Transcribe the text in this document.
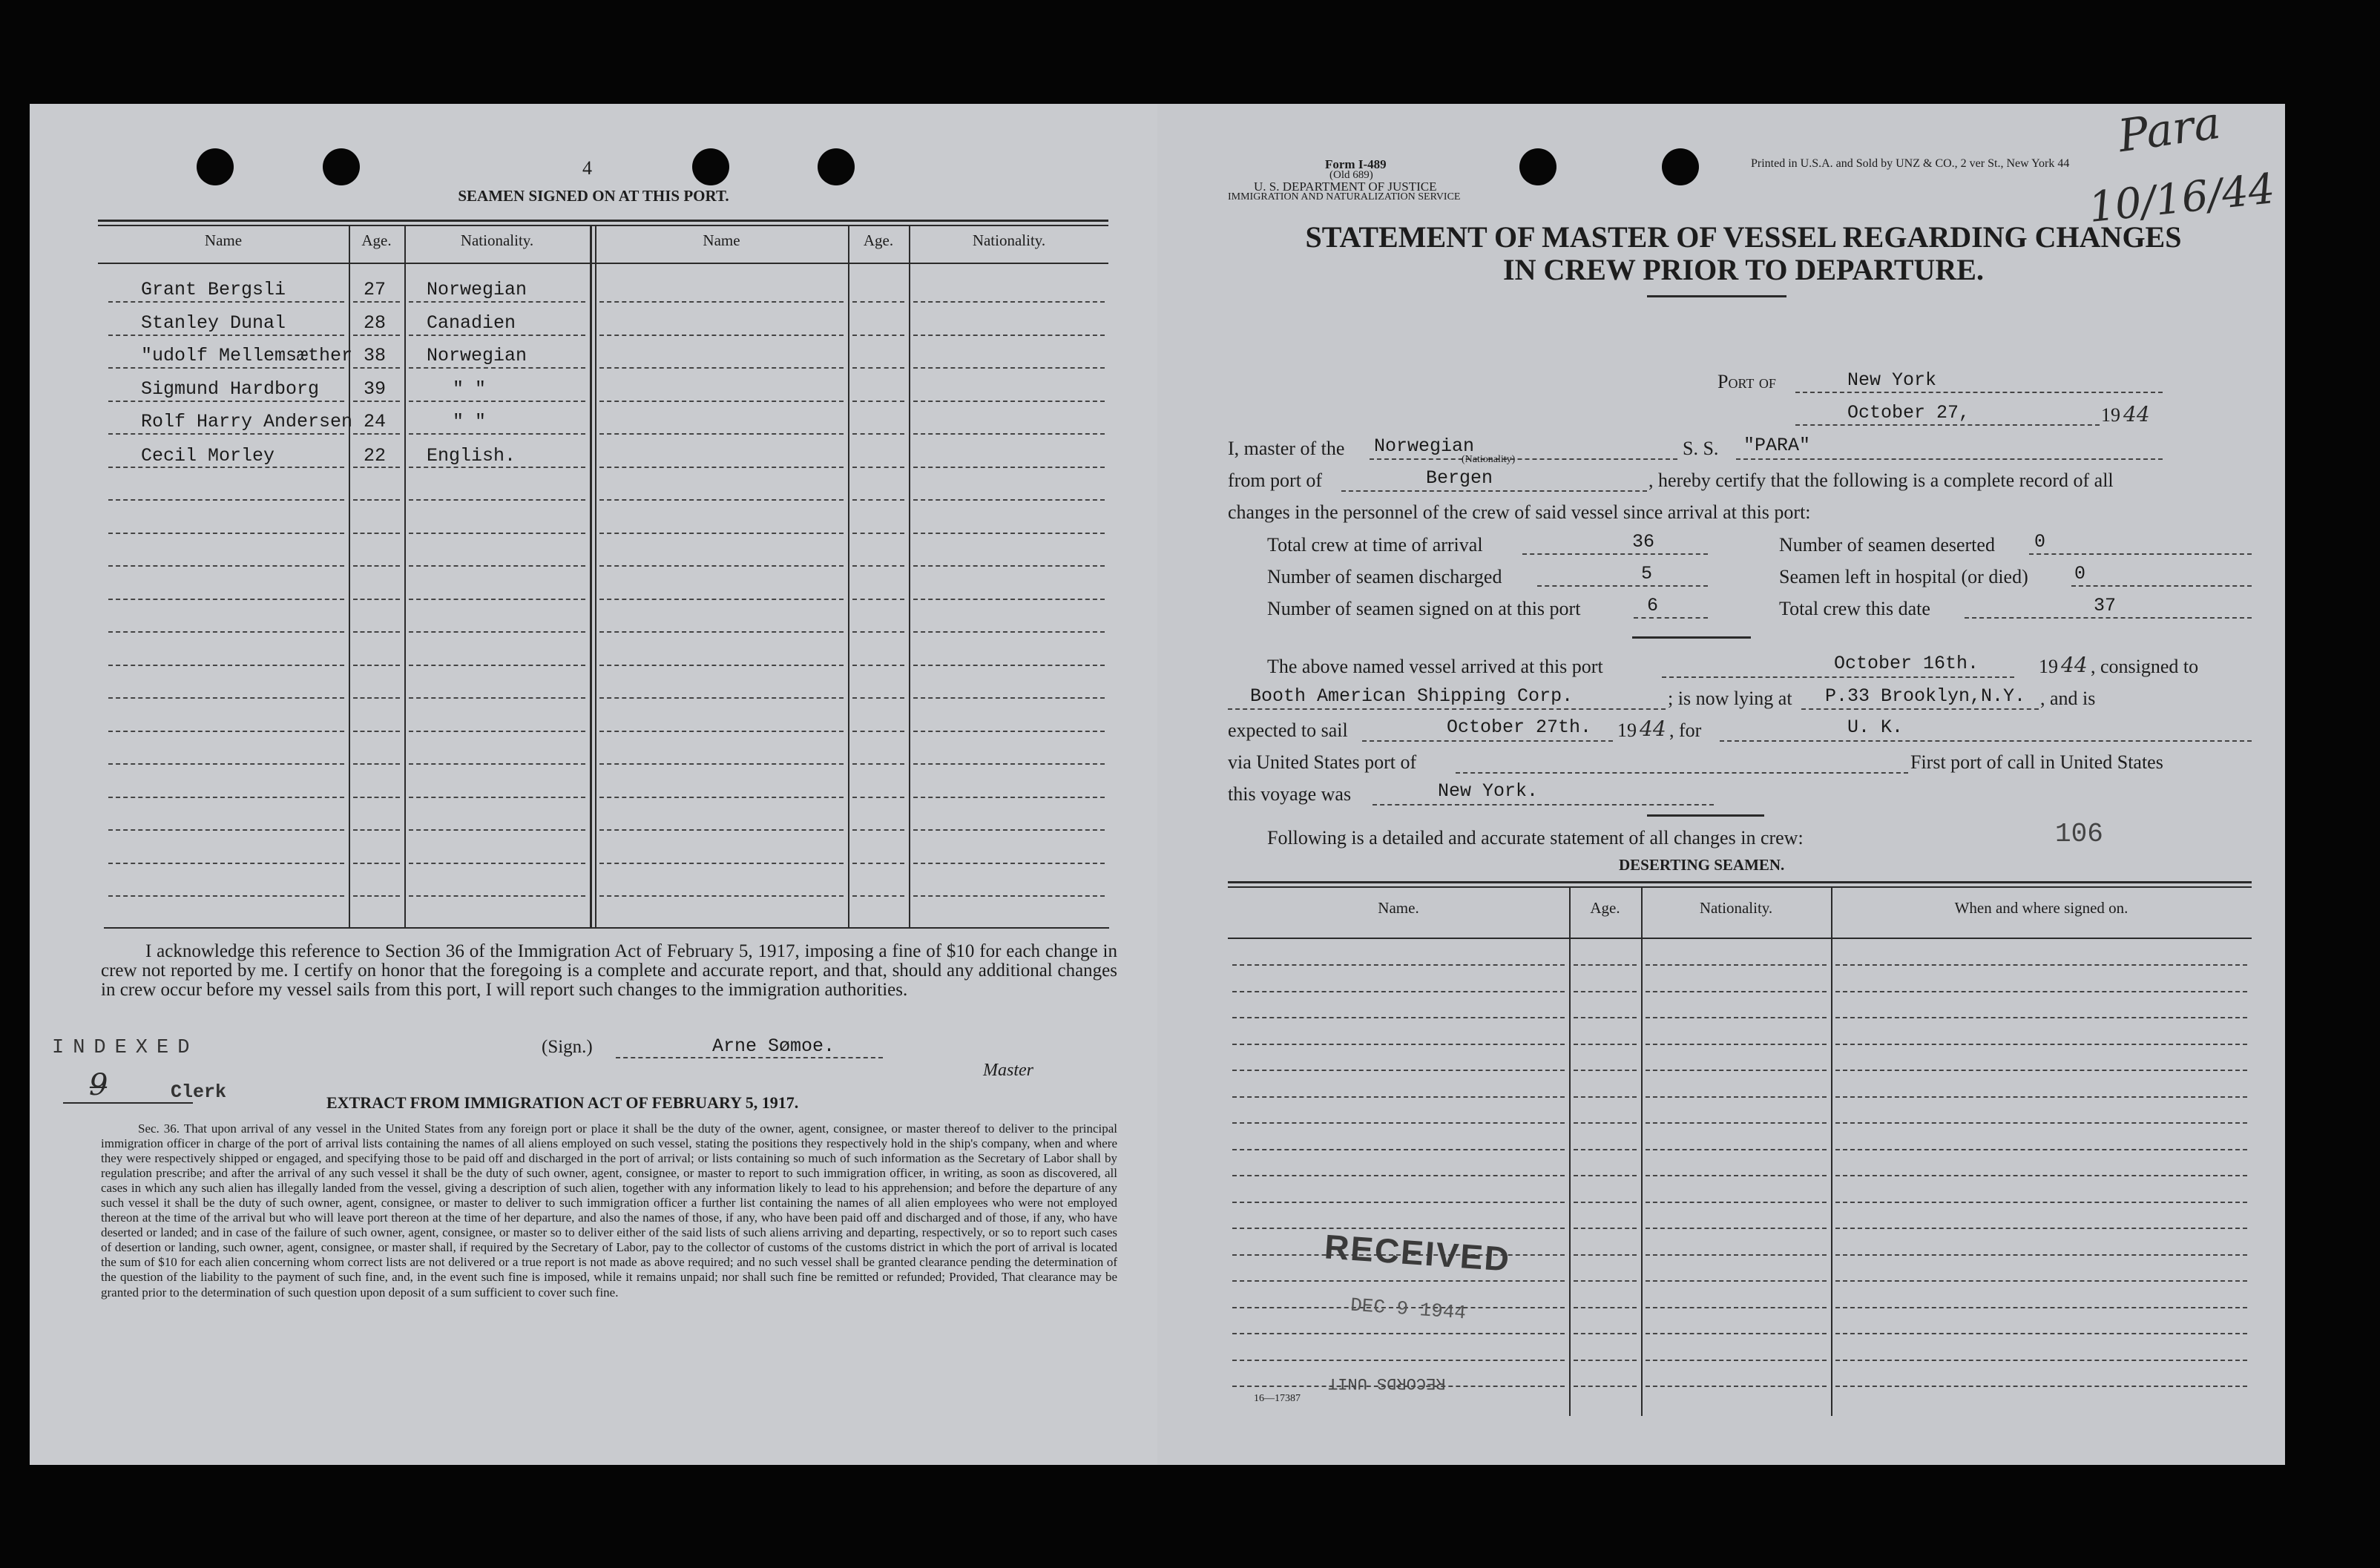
4
SEAMEN SIGNED ON AT THIS PORT.
Name	Age.	Nationality.	Name	Age.	Nationality.
Grant Bergsli	27 Norwegian
Stanley Dunal	28 Canadien
"udolf Mellemsæther 38 Norwegian
Sigmund Hardborg 39	" "
Rolf Harry Andersen 24	" "
Cecil Morley	22 English.
I acknowledge this reference to Section 36 of the Immigration Act of February 5, 1917, imposing a fine of $10 for each change in crew not reported by me. I certify on honor that the foregoing is a complete and accurate report, and that, should any additional changes in crew occur before my vessel sails from this port, I will report such changes to the immigration authorities.
(Sign.)	Arne Sømoe.
Master
INDEXED
9̶	Clerk	EXTRACT FROM IMMIGRATION ACT OF FEBRUARY 5, 1917.
Sec. 36. That upon arrival of any vessel in the United States from any foreign port or place it shall be the duty of the owner, agent, consignee, or master thereof to deliver to the principal immigration officer in charge of the port of arrival lists containing the names of all aliens employed on such vessel, stating the positions they respectively hold in the ship's company, when and where they were respectively shipped or engaged, and specifying those to be paid off and discharged in the port of arrival; or lists containing so much of such information as the Secretary of Labor shall by regulation prescribe; and after the arrival of any such vessel it shall be the duty of such owner, agent, consignee, or master to report to such immigration officer, in writing, as soon as discovered, all cases in which any such alien has illegally landed from the vessel, giving a description of such alien, together with any information likely to lead to his apprehension; and before the departure of any such vessel it shall be the duty of such owner, agent, consignee, or master to deliver to such immigration officer a further list containing the names of all alien employees who were not employed thereon at the time of the arrival but who will leave port thereon at the time of her departure, and also the names of those, if any, who have been paid off and discharged and of those, if any, who have deserted or landed; and in case of the failure of such owner, agent, consignee, or master so to deliver either of the said lists of such aliens arriving and departing, respectively, or so to report such cases of desertion or landing, such owner, agent, consignee, or master shall, if required by the Secretary of Labor, pay to the collector of customs of the customs district in which the port of arrival is located the sum of $10 for each alien concerning whom correct lists are not delivered or a true report is not made as above required; and no such vessel shall be granted clearance pending the determination of the question of the liability to the payment of such fine, and, in the event such fine is imposed, while it remains unpaid; nor shall such fine be remitted or refunded; Provided, That clearance may be granted prior to the determination of such question upon deposit of a sum sufficient to cover such fine.
Form I-489
(Old 689)
U. S. DEPARTMENT OF JUSTICE
IMMIGRATION AND NATURALIZATION SERVICE
Printed in U.S.A. and Sold by UNZ & CO., 2 ver St., New York 44
Para
10/16/44
STATEMENT OF MASTER OF VESSEL REGARDING CHANGES
IN CREW PRIOR TO DEPARTURE.
Port of	New York
October 27,	19 44
I, master of the Norwegian
(Nationality)
S. S. "PARA"
from port of	Bergen	, hereby certify that the following is a complete record of all
changes in the personnel of the crew of said vessel since arrival at this port:
Total crew at time of arrival	36	Number of seamen deserted 0
Number of seamen discharged	5	Seamen left in hospital (or died) 0
Number of seamen signed on at this port	6	Total crew this date	37
The above named vessel arrived at this port	October 16th.	19 44 , consigned to
Booth American Shipping Corp.	; is now lying at P.33 Brooklyn,N.Y. , and is
expected to sail	October 27th. 19 44 , for	U. K.
via United States port of	First port of call in United States
this voyage was	New York.
Following is a detailed and accurate statement of all changes in crew:	106
DESERTING SEAMEN.
Name.	Age.	Nationality.	When and where signed on.
RECEIVED
DEC 9 1944
RECORDS UNIT
16—17387
